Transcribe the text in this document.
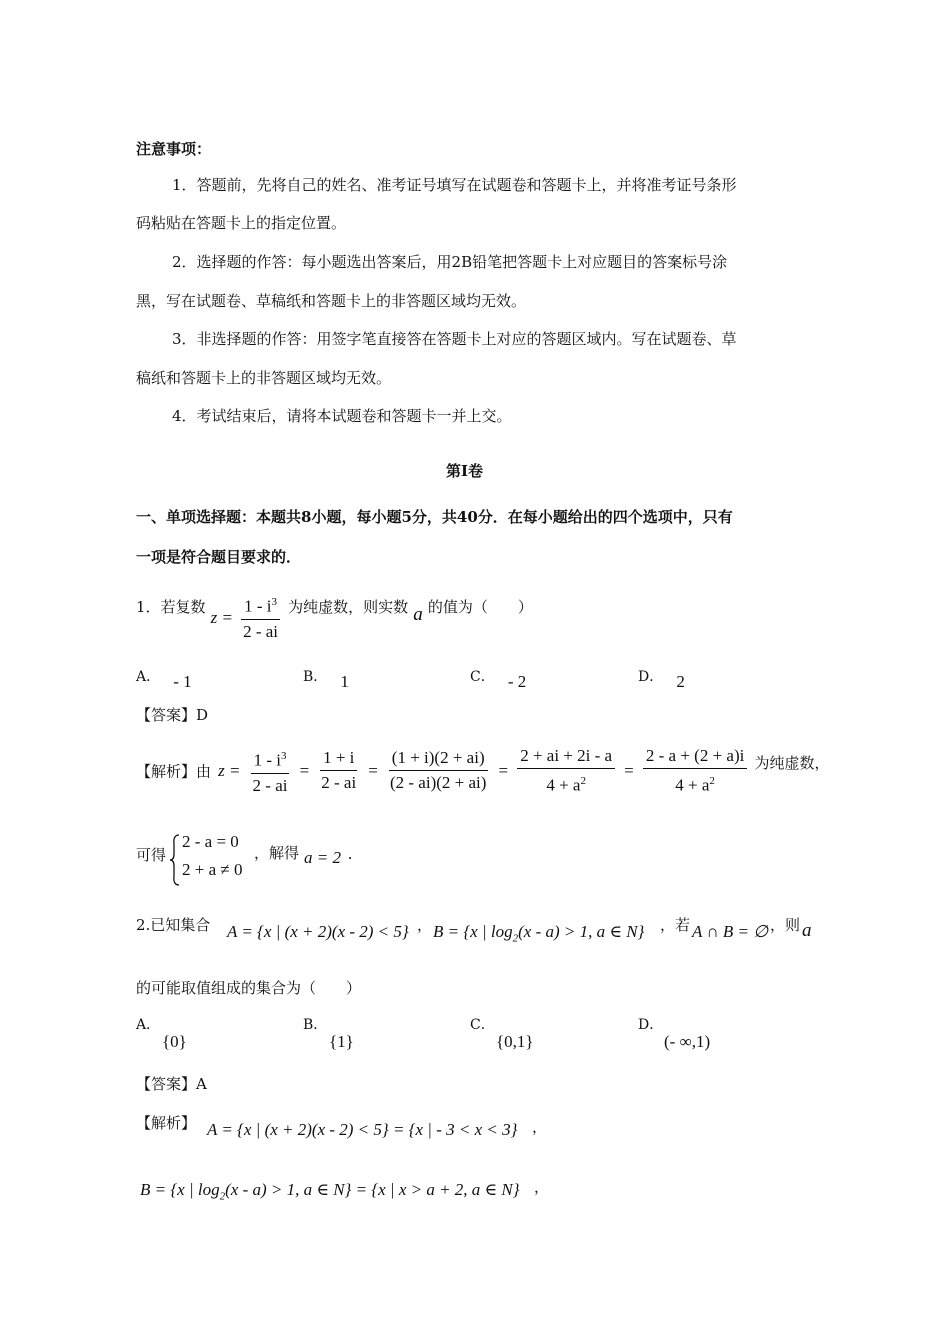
注意事项：
1．答题前，先将自己的姓名、准考证号填写在试题卷和答题卡上，并将准考证号条形
码粘贴在答题卡上的指定位置。
2．选择题的作答：每小题选出答案后，用2B铅笔把答题卡上对应题目的答案标号涂
黑，写在试题卷、草稿纸和答题卡上的非答题区域均无效。
3．非选择题的作答：用签字笔直接答在答题卡上对应的答题区域内。写在试题卷、草
稿纸和答题卡上的非答题区域均无效。
4．考试结束后，请将本试题卷和答题卡一并上交。
第Ⅰ卷
一、单项选择题：本题共8小题，每小题5分，共40分．在每小题给出的四个选项中，只有
一项是符合题目要求的．
1．若复数 $z = \frac{1 - i^3}{2 - ai}$ 为纯虚数，则实数 a 的值为（　　）
A． - 1	B． 1	C． - 2	D． 2
【答案】D
【解析】由 $z = \frac{1 - i^3}{2 - ai} = \frac{1 + i}{2 - ai} = \frac{(1 + i)(2 + ai)}{(2 - ai)(2 + ai)} = \frac{2 + ai + 2i - a}{4 + a^2} = \frac{2 - a + (2 + a)i}{4 + a^2}$ 为纯虚数，
可得
2 - a = 0
2 + a ≠ 0
，解得 a = 2 .
2.已知集合 A = {x | (x + 2)(x - 2) < 5} ， B = {x | $\log_2(x - a) > 1$, a ∈ N} ，若 A ∩ B = ∅ ，则 a
的可能取值组成的集合为（　　）
A．
{0}
B．
{1}
C．
{0,1}
D．
(- ∞,1)
【答案】A
【解析】 A = {x | (x + 2)(x - 2) < 5} = {x | - 3 < x < 3} ，
B = {x | $\log_2(x - a) > 1$, a ∈ N} = {x | x > a + 2, a ∈ N} ，
